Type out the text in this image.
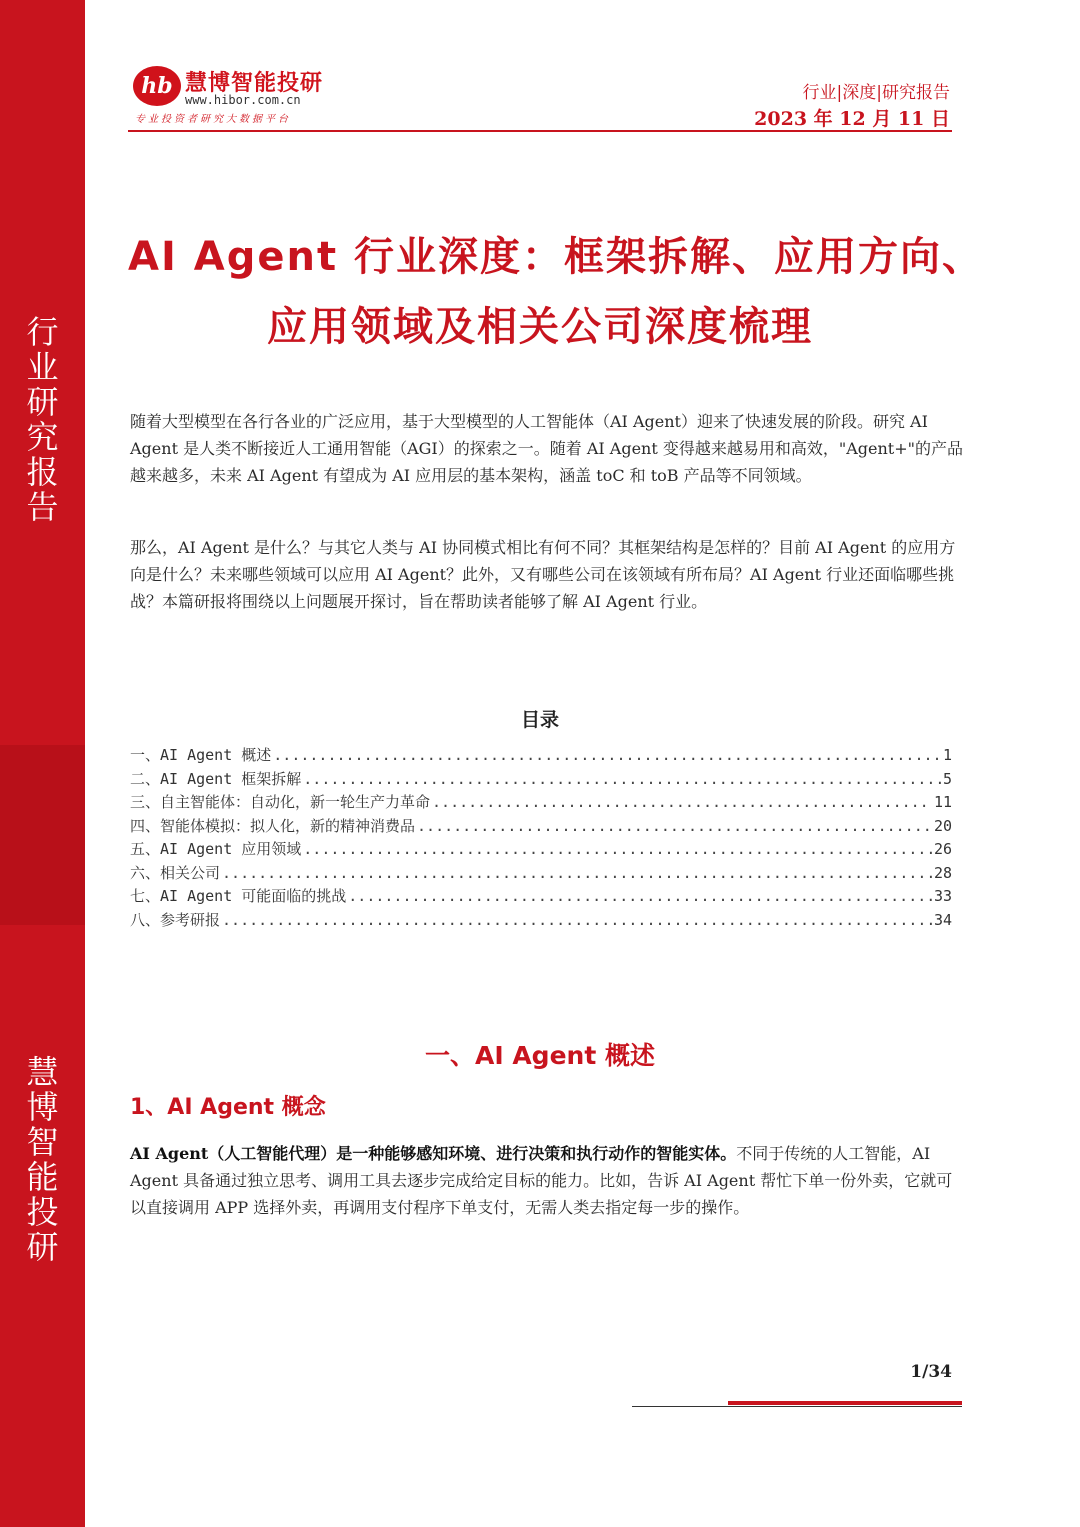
行
业
研
究
报
告
慧
博
智
能
投
研
hb 慧博智能投研
www.hibor.com.cn
专业投资者研究大数据平台
行业|深度|研究报告
2023 年 12 月 11 日
AI Agent 行业深度：框架拆解、应用方向、
应用领域及相关公司深度梳理

随着大型模型在各行各业的广泛应用，基于大型模型的人工智能体（AI Agent）迎来了快速发展的阶段。研究 AI Agent 是人类不断接近人工通用智能（AGI）的探索之一。随着 AI Agent 变得越来越易用和高效，"Agent+"的产品越来越多，未来 AI Agent 有望成为 AI 应用层的基本架构，涵盖 toC 和 toB 产品等不同领域。

那么，AI Agent 是什么？与其它人类与 AI 协同模式相比有何不同？其框架结构是怎样的？目前 AI Agent 的应用方向是什么？未来哪些领域可以应用 AI Agent？此外，又有哪些公司在该领域有所布局？AI Agent 行业还面临哪些挑战？本篇研报将围绕以上问题展开探讨，旨在帮助读者能够了解 AI Agent 行业。

目录
一、AI Agent 概述 .....	1
二、AI Agent 框架拆解 .....	5
三、自主智能体：自动化，新一轮生产力革命 .....	11
四、智能体模拟：拟人化，新的精神消费品 .....	20
五、AI Agent 应用领域 .....	26
六、相关公司 .....	28
七、AI Agent 可能面临的挑战 .....	33
八、参考研报 .....	34
一、AI Agent 概述
1、AI Agent 概念

AI Agent（人工智能代理）是一种能够感知环境、进行决策和执行动作的智能实体。不同于传统的人工智能，AI Agent 具备通过独立思考、调用工具去逐步完成给定目标的能力。比如，告诉 AI Agent 帮忙下单一份外卖，它就可以直接调用 APP 选择外卖，再调用支付程序下单支付，无需人类去指定每一步的操作。

1/34
